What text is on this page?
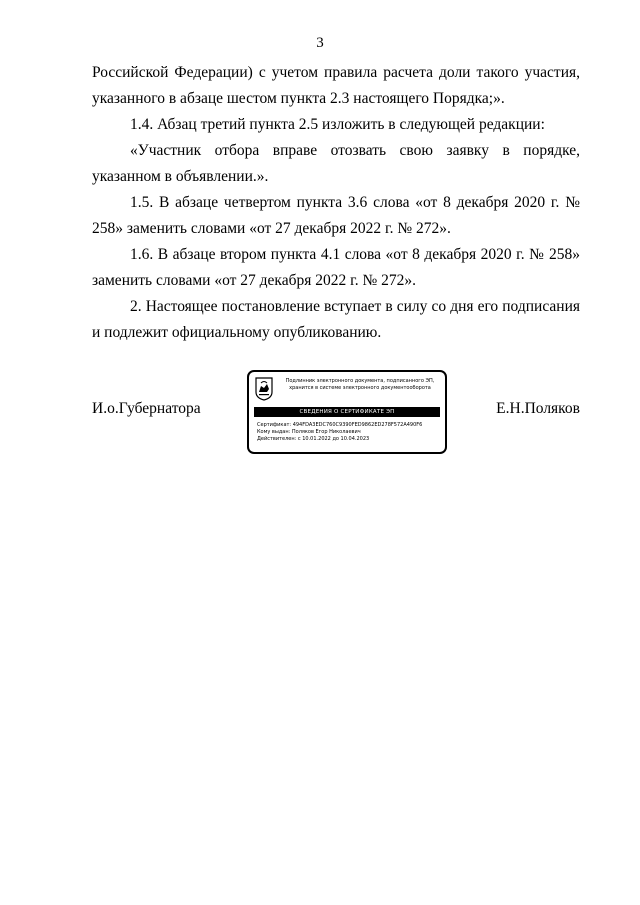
3

Российской Федерации) с учетом правила расчета доли такого участия, указанного в абзаце шестом пункта 2.3 настоящего Порядка;».

1.4. Абзац третий пункта 2.5 изложить в следующей редакции:

«Участник отбора вправе отозвать свою заявку в порядке, указанном в объявлении.».

1.5. В абзаце четвертом пункта 3.6 слова «от 8 декабря 2020 г. № 258» заменить словами «от 27 декабря 2022 г. № 272».

1.6. В абзаце втором пункта 4.1 слова «от 8 декабря 2020 г. № 258» заменить словами «от 27 декабря 2022 г. № 272».

2. Настоящее постановление вступает в силу со дня его подписания и подлежит официальному опубликованию.

И.о.Губернатора	Е.Н.Поляков
Подлинник электронного документа, подписанного ЭП, хранится в системе электронного документооборота
СВЕДЕНИЯ О СЕРТИФИКАТЕ ЭП
Сертификат: 494FDA3EDC760C9390FED9862ED278F572A490F6
Кому выдан: Поляков Егор Николаевич
Действителен: с 10.01.2022 до 10.04.2023
